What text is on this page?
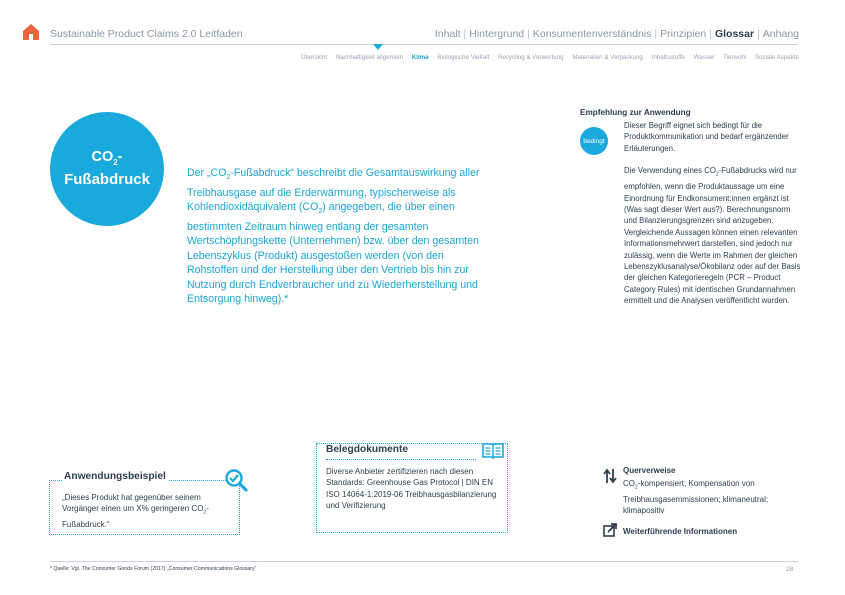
Sustainable Product Claims 2.0 Leitfaden	Inhalt | Hintergrund | Konsumentenverständnis | Prinzipien | Glossar | Anhang
Übersicht Nachhaltigkeit allgemein Klima Biologische Vielfalt Recycling & Verwertung Materialien & Verpackung Inhaltsstoffe Wasser Tierwohl Soziale Aspekte
$CO_2-$
Fußabdruck	Der $„CO_2-Fußabdruck“$ beschreibt die Gesamtauswirkung aller Treibhausgase auf die Erderwärmung, typischerweise als Kohlendioxidäquivalent $(CO_2)$ angegeben, die über einen bestimmten Zeitraum hinweg entlang der gesamten Wertschöpfungskette (Unternehmen) bzw. über den gesamten Lebenszyklus (Produkt) ausgestoßen werden (von den Rohstoffen und der Herstellung über den Vertrieb bis hin zur Nutzung durch Endverbraucher und zu Wiederherstellung und Entsorgung hinweg).*
Empfehlung zur Anwendung
bedingt

Dieser Begriff eignet sich bedingt für die Produktkommunikation und bedarf ergänzender Erläuterungen.

Die Verwendung eines $CO_2$-Fußabdrucks wird nur empfohlen, wenn die Produktaussage um eine Einordnung für Endkonsument:innen ergänzt ist (Was sagt dieser Wert aus?). Berechnungsnorm und Bilanzierungsgrenzen sind anzugeben. Vergleichende Aussagen können einen relevanten Informationsmehrwert darstellen, sind jedoch nur zulässig, wenn die Werte im Rahmen der gleichen Lebenszyklusanalyse/Ökobilanz oder auf der Basis der gleichen Kategorieregeln (PCR – Product Category Rules) mit identischen Grundannahmen ermittelt und die Analysen veröffentlicht wurden.

Belegdokumente
Diverse Anbieter zertifizieren nach diesen Standards: Greenhouse Gas Protocol | DIN EN ISO 14064-1:2019-06 Treibhausgasbilanzierung und Verifizierung
Anwendungsbeispiel
„Dieses Produkt hat gegenüber seinem Vorgänger einen um X% geringeren $CO_2-Fußabdruck.“$
Querverweise
$CO_2$-kompensiert; Kompensation von Treibhausgasemmissionen; klimaneutral; klimapositiv
Weiterführende Informationen
* Quelle: Vgl. The Consumer Goods Forum (2017) „Consumer Communications Glossary“	28
